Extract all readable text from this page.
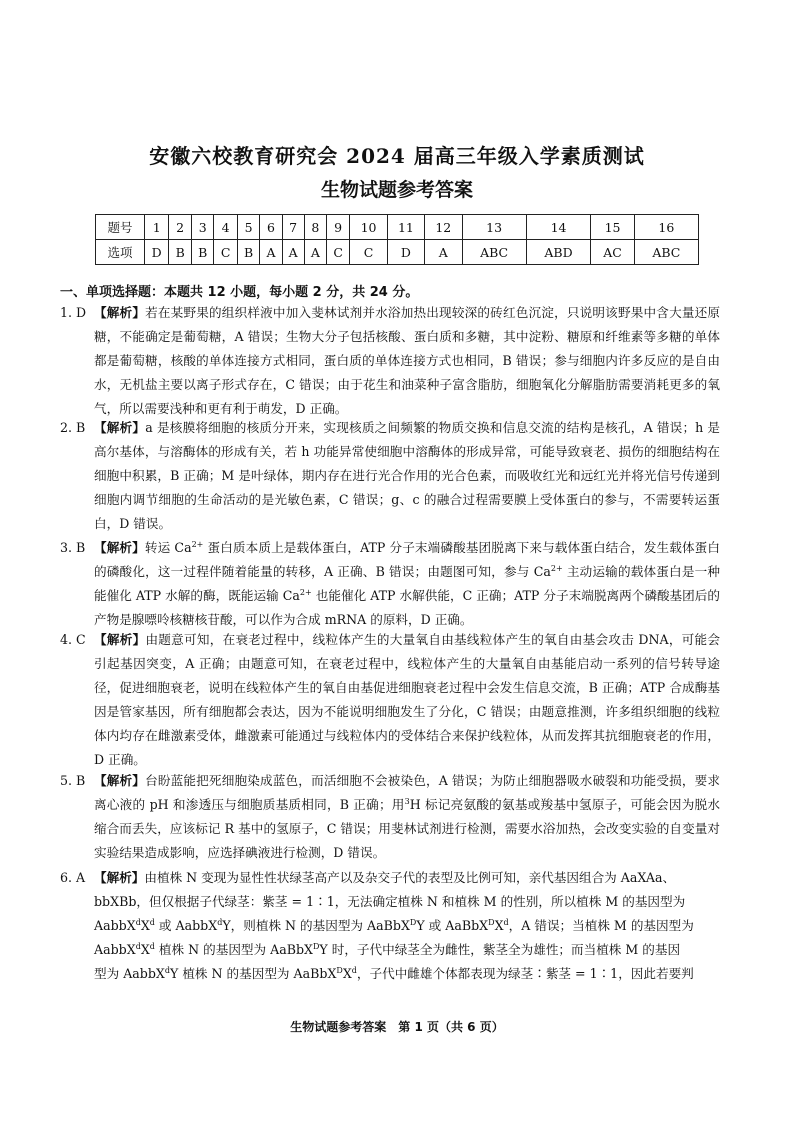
安徽六校教育研究会 2024 届高三年级入学素质测试
生物试题参考答案
题号	1	2	3	4	5	6	7	8	9	10	11	12	13	14	15	16
选项	D	B	B	C	B	A	A	A	C	C	D	A	ABC	ABD	AC	ABC
一、单项选择题：本题共 12 小题，每小题 2 分，共 24 分。
1. D 【解析】若在某野果的组织样液中加入斐林试剂并水浴加热出现较深的砖红色沉淀，只说明该野果中含大量还原糖，不能确定是葡萄糖，A 错误；生物大分子包括核酸、蛋白质和多糖，其中淀粉、糖原和纤维素等多糖的单体都是葡萄糖，核酸的单体连接方式相同，蛋白质的单体连接方式也相同，B 错误；参与细胞内许多反应的是自由水，无机盐主要以离子形式存在，C 错误；由于花生和油菜种子富含脂肪，细胞氧化分解脂肪需要消耗更多的氧气，所以需要浅种和更有利于萌发，D 正确。
2. B 【解析】a 是核膜将细胞的核质分开来，实现核质之间频繁的物质交换和信息交流的结构是核孔，A 错误；h 是高尔基体，与溶酶体的形成有关，若 h 功能异常使细胞中溶酶体的形成异常，可能导致衰老、损伤的细胞结构在细胞中积累，B 正确；M 是叶绿体，期内存在进行光合作用的光合色素，而吸收红光和远红光并将光信号传递到细胞内调节细胞的生命活动的是光敏色素，C 错误；g、c 的融合过程需要膜上受体蛋白的参与，不需要转运蛋白，D 错误。
3. B 【解析】转运 $Ca^{2+}$ 蛋白质本质上是载体蛋白，ATP 分子末端磷酸基团脱离下来与载体蛋白结合，发生载体蛋白的磷酸化，这一过程伴随着能量的转移，A 正确、B 错误；由题图可知，参与 $Ca^{2+}$ 主动运输的载体蛋白是一种能催化 ATP 水解的酶，既能运输 $Ca^{2+}$ 也能催化 ATP 水解供能，C 正确；ATP 分子末端脱离两个磷酸基团后的产物是腺嘌呤核糖核苷酸，可以作为合成 mRNA 的原料，D 正确。
4. C 【解析】由题意可知，在衰老过程中，线粒体产生的大量氧自由基线粒体产生的氧自由基会攻击 DNA，可能会引起基因突变，A 正确；由题意可知，在衰老过程中，线粒体产生的大量氧自由基能启动一系列的信号转导途径，促进细胞衰老，说明在线粒体产生的氧自由基促进细胞衰老过程中会发生信息交流，B 正确；ATP 合成酶基因是管家基因，所有细胞都会表达，因为不能说明细胞发生了分化，C 错误；由题意推测，许多组织细胞的线粒体内均存在雌激素受体，雌激素可能通过与线粒体内的受体结合来保护线粒体，从而发挥其抗细胞衰老的作用，D 正确。
5. B 【解析】台盼蓝能把死细胞染成蓝色，而活细胞不会被染色，A 错误；为防止细胞器吸水破裂和功能受损，要求离心液的 pH 和渗透压与细胞质基质相同，B 正确；用$^3$H 标记亮氨酸的氨基或羧基中氢原子，可能会因为脱水缩合而丢失，应该标记 R 基中的氢原子，C 错误；用斐林试剂进行检测，需要水浴加热，会改变实验的自变量对实验结果造成影响，应选择碘液进行检测，D 错误。
6. A 【解析】由植株 N 变现为显性性状绿茎高产以及杂交子代的表型及比例可知，亲代基因组合为 AaXAa、
bbXBb，但仅根据子代绿茎：紫茎 = 1∶1，无法确定植株 N 和植株 M 的性别，所以植株 M 的基因型为
$AabbX^dX^d$ 或 AabbX$^d$Y，则植株 N 的基因型为 AaBbX$^D$Y 或 $AaBbX^DX^d$，A 错误；当植株 M 的基因型为
$AabbX^dX^d$ 植株 N 的基因型为 AaBbX$^D$Y 时，子代中绿茎全为雌性，紫茎全为雄性；而当植株 M 的基因
型为 AabbX$^d$Y 植株 N 的基因型为 $AaBbX^DX^d$，子代中雌雄个体都表现为绿茎∶紫茎 = 1∶1，因此若要判
生物试题参考答案　第 1 页（共 6 页）
